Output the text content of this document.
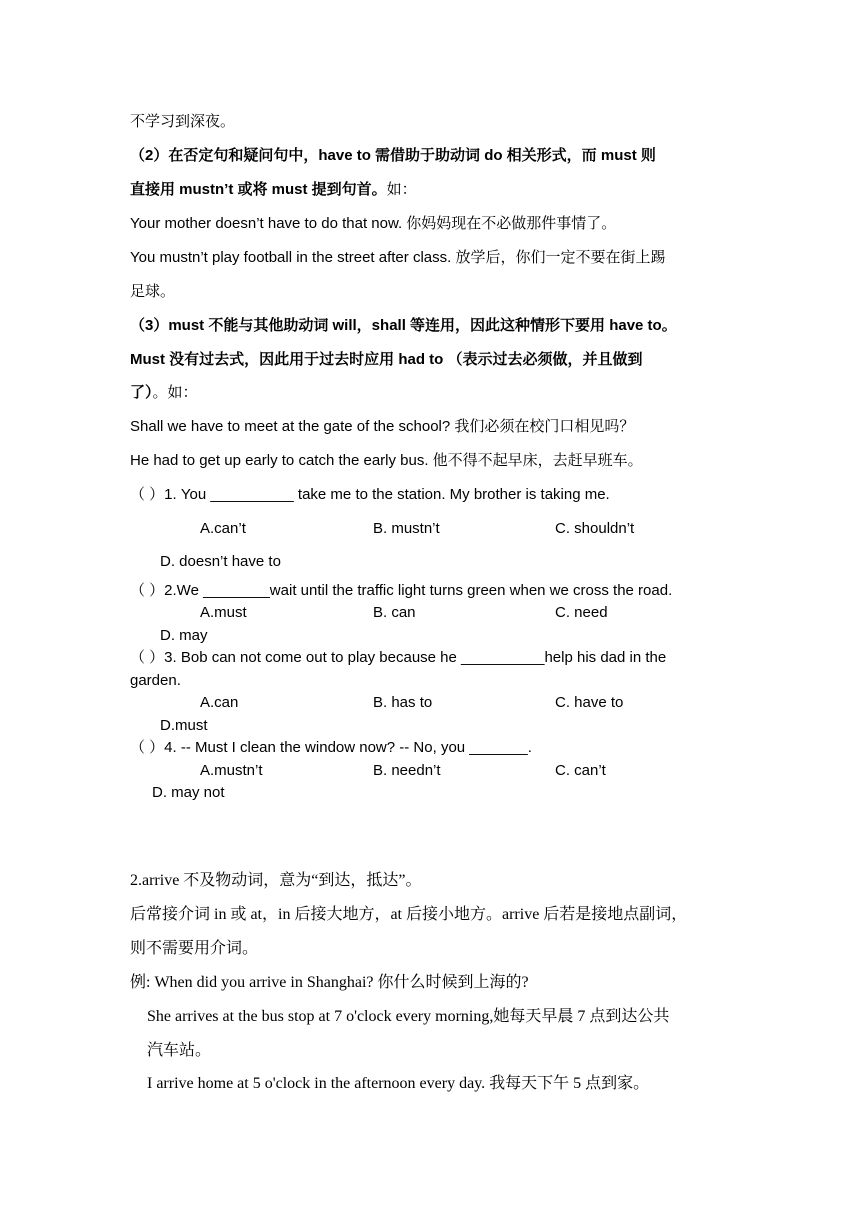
不学习到深夜。
（2）在否定句和疑问句中，have to 需借助于助动词 do 相关形式，而 must 则
直接用 mustn’t 或将 must 提到句首。如：
Your mother doesn’t have to do that now. 你妈妈现在不必做那件事情了。
You mustn’t play football in the street after class. 放学后，你们一定不要在街上踢
足球。
（3）must 不能与其他助动词 will，shall 等连用，因此这种情形下要用 have to。
Must 没有过去式，因此用于过去时应用 had to （表示过去必须做，并且做到
了）。如：
Shall we have to meet at the gate of the school? 我们必须在校门口相见吗？
He had to get up early to catch the early bus. 他不得不起早床，去赶早班车。
（ ）1. You __________ take me to the station. My brother is taking me.
A.can’t	B. mustn’t	C. shouldn’t
D. doesn’t have to
（ ）2.We ________wait until the traffic light turns green when we cross the road.
A.must	B. can	C. need
D. may
（ ）3. Bob can not come out to play because he __________help his dad in the
garden.
A.can	B. has to	C. have to
D.must
（ ）4. -- Must I clean the window now? -- No, you _______.
A.mustn’t	B. needn’t	C. can’t
D. may not
2.arrive 不及物动词，意为“到达，抵达”。
后常接介词 in 或 at，in 后接大地方，at 后接小地方。arrive 后若是接地点副词，
则不需要用介词。
例: When did you arrive in Shanghai? 你什么时候到上海的?
She arrives at the bus stop at 7 o'clock every morning,她每天早晨 7 点到达公共
汽车站。
I arrive home at 5 o'clock in the afternoon every day. 我每天下午 5 点到家。
